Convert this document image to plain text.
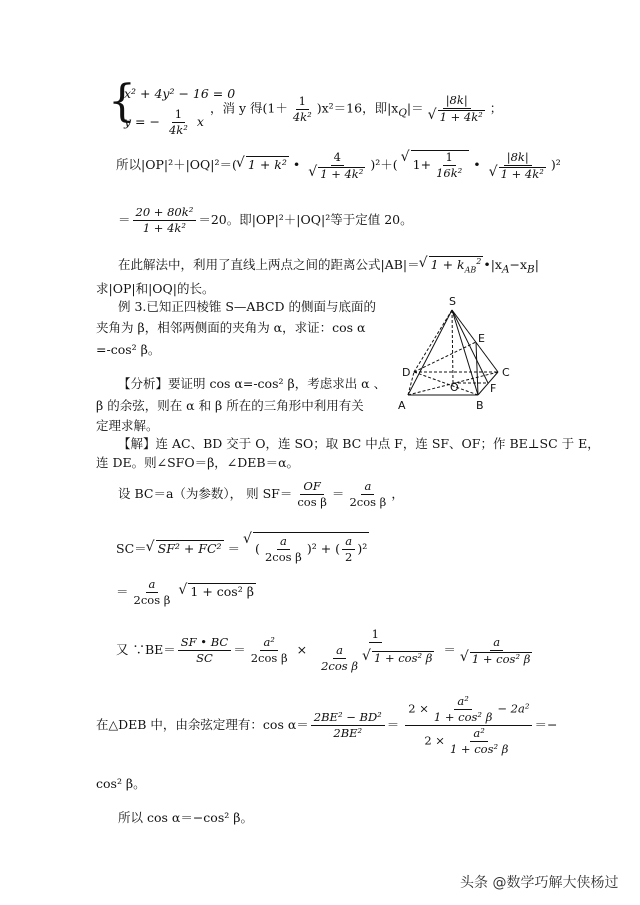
{
x² + 4y² − 16 = 0
y = − $\frac{1}{\text{4k²}}$ x
，消 y 得$(1+ \frac{1}{\text{4k²}} )x^2=16$，即$|x_Q|= |8k|$
√ 1 + 4k² ；
所以|OP|²＋|OQ|²＝(√ 1 + k² • 4
√ 1 + 4k² )²＋( √ $1+ \frac{1}{\text{16k²}}$ • |8k|
√ 1 + 4k² )²
＝ $\frac{\text{20 + 80k²}}{\text{1 + 4k²}} =20$。即|OP|²＋|OQ|²等于定值 20。
在此解法中，利用了直线上两点之间的距离公式|AB|＝√ $1 + k_{AB}^2$ $•|x_A-x_B|$
求|OP|和|OQ|的长。
例 3.已知正四棱锥 S—ABCD 的侧面与底面的
夹角为 β，相邻两侧面的夹角为 α，求证：cos α
=-cos² β。
【分析】要证明 cos α=-cos² β，考虑求出 α 、
β 的余弦，则在 α 和 β 所在的三角形中利用有关
定理求解。
【解】连 AC、BD 交于 O，连 SO；取 BC 中点 F，连 SF、OF；作 BE⊥SC 于 E，
连 DE。则∠SFO＝β，∠DEB＝α。
S
E
D	C
O	F
A	B
设 BC＝a（为参数）， 则 $SF= \frac{OF}{\text{cos β}} = \frac{a}{\text{2cos β}}$ ，
SC＝√ SF² + FC² ＝ √ ( $\frac{a}{\text{2cos β}} )^2$ + ( $\frac{a}{2} )^2$
＝ $\frac{a}{\text{2cos β}}$
√ 1 + cos² β
又 ∵BE＝ $\frac{SF • BC}{SC} = \frac{\text{a²}}{\text{2cos β}} \times 1$
$\frac{a}{\text{2cos β}}$
√ 1 + cos² β ＝ a
√ 1 + cos² β
在△DEB 中，由余弦定理有：$\cos \alpha= \frac{\text{2BE² − BD²}}{\text{2BE²}} = \frac{2 \times \frac{\text{a²}}{\text{1 + cos² β}} - 2a^2}{2 \times \frac{\text{a²}}{\text{1 + cos² β}}}$ ＝−
cos² β。
所以 cos α＝−cos² β。
头条 @数学巧解大侠杨过
